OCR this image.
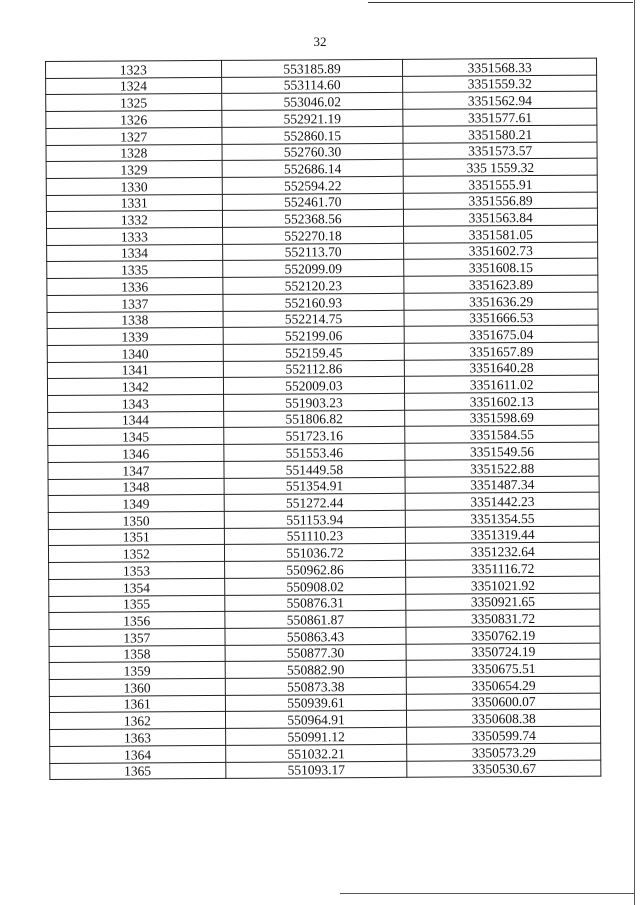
32
1323	553185.89	3351568.33
1324	553114.60	3351559.32
1325	553046.02	3351562.94
1326	552921.19	3351577.61
1327	552860.15	3351580.21
1328	552760.30	3351573.57
1329	552686.14	335 1559.32
1330	552594.22	3351555.91
1331	552461.70	3351556.89
1332	552368.56	3351563.84
1333	552270.18	3351581.05
1334	552113.70	3351602.73
1335	552099.09	3351608.15
1336	552120.23	3351623.89
1337	552160.93	3351636.29
1338	552214.75	3351666.53
1339	552199.06	3351675.04
1340	552159.45	3351657.89
1341	552112.86	3351640.28
1342	552009.03	3351611.02
1343	551903.23	3351602.13
1344	551806.82	3351598.69
1345	551723.16	3351584.55
1346	551553.46	3351549.56
1347	551449.58	3351522.88
1348	551354.91	3351487.34
1349	551272.44	3351442.23
1350	551153.94	3351354.55
1351	551110.23	3351319.44
1352	551036.72	3351232.64
1353	550962.86	3351116.72
1354	550908.02	3351021.92
1355	550876.31	3350921.65
1356	550861.87	3350831.72
1357	550863.43	3350762.19
1358	550877.30	3350724.19
1359	550882.90	3350675.51
1360	550873.38	3350654.29
1361	550939.61	3350600.07
1362	550964.91	3350608.38
1363	550991.12	3350599.74
1364	551032.21	3350573.29
1365	551093.17	3350530.67
